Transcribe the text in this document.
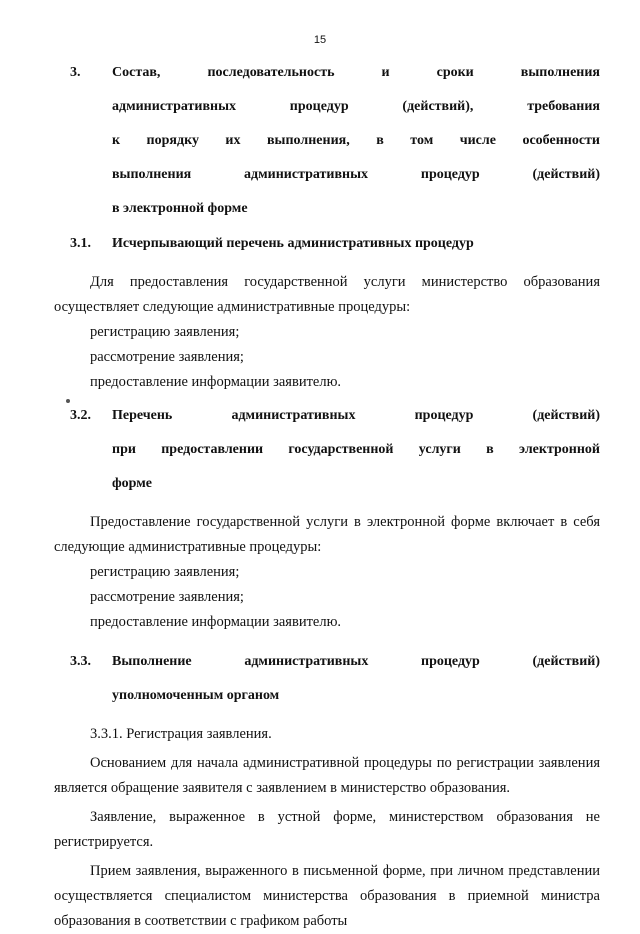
15
3.	Состав, последовательность и сроки выполнения
административных процедур (действий), требования
к порядку их выполнения, в том числе особенности
выполнения административных процедур (действий)
в электронной форме
3.1.	Исчерпывающий перечень административных процедур

Для предоставления государственной услуги министерство образования осуществляет следующие административные процедуры:

регистрацию заявления;

рассмотрение заявления;

предоставление информации заявителю.

3.2.	Перечень административных процедур (действий)
при предоставлении государственной услуги в электронной
форме

Предоставление государственной услуги в электронной форме включает в себя следующие административные процедуры:

регистрацию заявления;

рассмотрение заявления;

предоставление информации заявителю.

3.3.	Выполнение административных процедур (действий)
уполномоченным органом

3.3.1. Регистрация заявления.

Основанием для начала административной процедуры по регистрации заявления является обращение заявителя с заявлением в министерство образования.

Заявление, выраженное в устной форме, министерством образования не регистрируется.

Прием заявления, выраженного в письменной форме, при личном представлении осуществляется специалистом министерства образования в приемной министра образования в соответствии с графиком работы
